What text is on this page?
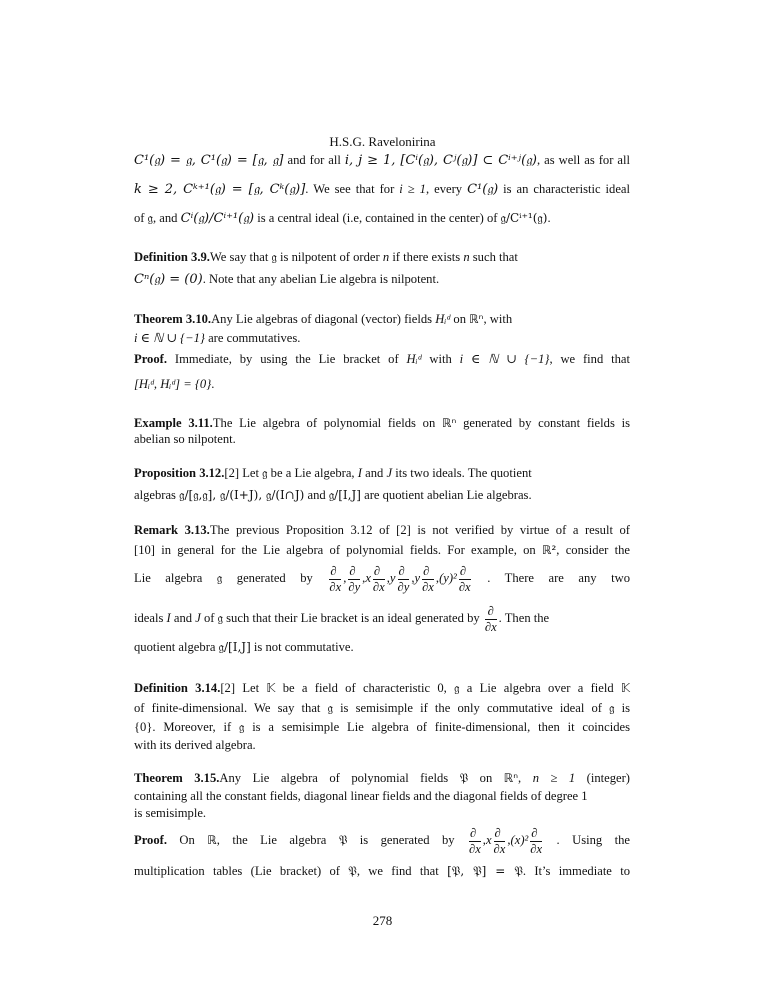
H.S.G. Ravelonirina
C¹(𝔤) = 𝔤, C¹(𝔤) = [𝔤, 𝔤] and for all i, j ≥ 1, [Cⁱ(𝔤), Cʲ(𝔤)] ⊂ Cⁱ⁺ʲ(𝔤), as well as for all
k ≥ 2, Cᵏ⁺¹(𝔤) = [𝔤, Cᵏ(𝔤)]. We see that for i ≥ 1, every C¹(𝔤) is an characteristic ideal
of 𝔤, and Cⁱ(𝔤)/Cⁱ⁺¹(𝔤) is a central ideal (i.e, contained in the center) of 𝔤/Cⁱ⁺¹(𝔤).
Definition 3.9.We say that 𝔤 is nilpotent of order n if there exists n such that
Cⁿ(𝔤) = (0). Note that any abelian Lie algebra is nilpotent.
Theorem 3.10.Any Lie algebras of diagonal (vector) fields Hᵢᵈ on ℝⁿ, with
i ∈ ℕ ∪ {−1} are commutatives.
Proof. Immediate, by using the Lie bracket of Hᵢᵈ with i ∈ ℕ ∪ {−1}, we find that
[Hᵢᵈ, Hᵢᵈ] = {0}.
Example 3.11.The Lie algebra of polynomial fields on ℝⁿ generated by constant fields is
abelian so nilpotent.
Proposition 3.12.[2] Let 𝔤 be a Lie algebra, I and J its two ideals. The quotient
algebras 𝔤/[𝔤,𝔤], 𝔤/(I+J), 𝔤/(I∩J) and 𝔤/[I,J] are quotient abelian Lie algebras.
Remark 3.13.The previous Proposition 3.12 of [2] is not verified by virtue of a result of
[10] in general for the Lie algebra of polynomial fields. For example, on ℝ², consider the
Lie algebra 𝔤 generated by $\frac{\partial}{\partial x}$ , $\frac{\partial}{\partial y} ,x \frac{\partial}{\partial x} ,y \frac{\partial}{\partial y} ,y \frac{\partial}{\partial x} ,(y)^2 \frac{\partial}{\partial x}$ . There are any two
ideals I and J of 𝔤 such that their Lie bracket is an ideal generated by $\frac{\partial}{\partial x}$ . Then the
quotient algebra 𝔤/[I,J] is not commutative.
Definition 3.14.[2] Let 𝕂 be a field of characteristic 0, 𝔤 a Lie algebra over a field 𝕂
of finite-dimensional. We say that 𝔤 is semisimple if the only commutative ideal of 𝔤 is
{0}. Moreover, if 𝔤 is a semisimple Lie algebra of finite-dimensional, then it coincides
with its derived algebra.
Theorem 3.15.Any Lie algebra of polynomial fields 𝔓 on ℝⁿ, n ≥ 1 (integer)
containing all the constant fields, diagonal linear fields and the diagonal fields of degree 1
is semisimple.
Proof. On ℝ, the Lie algebra 𝔓 is generated by $\frac{\partial}{\partial x} ,x \frac{\partial}{\partial x} ,(x)^2 \frac{\partial}{\partial x}$ . Using the
multiplication tables (Lie bracket) of 𝔓, we find that [𝔓, 𝔓] = 𝔓. It’s immediate to
278
